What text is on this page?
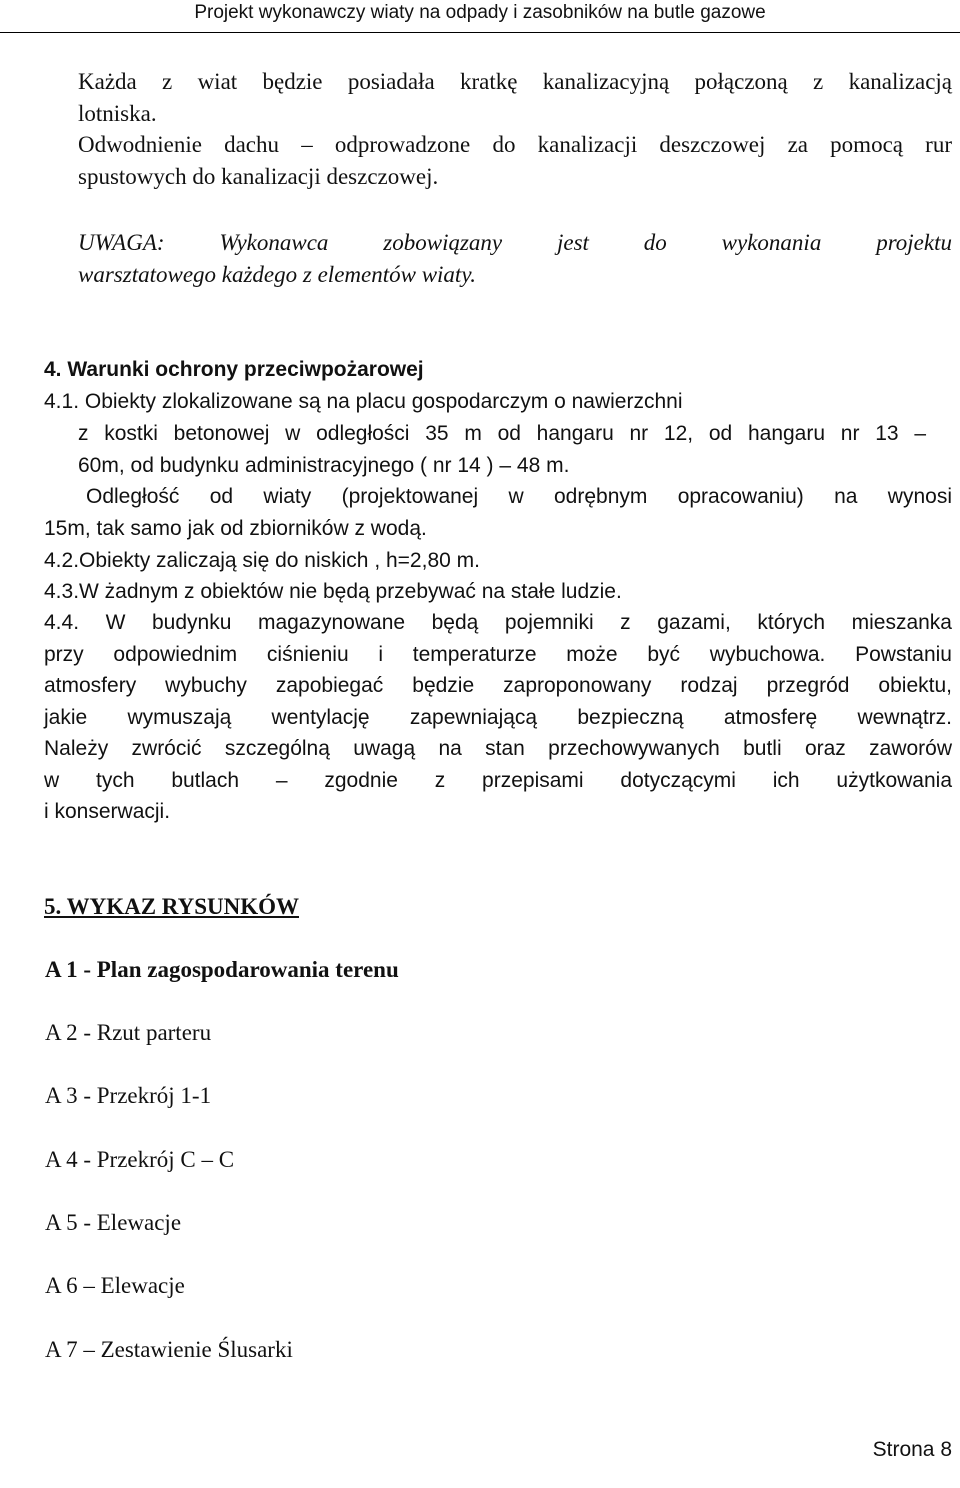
Projekt wykonawczy wiaty na odpady i zasobników na butle gazowe
Każda z wiat będzie posiadała kratkę kanalizacyjną połączoną z kanalizacją
lotniska.
Odwodnienie dachu – odprowadzone do kanalizacji deszczowej za pomocą rur
spustowych do kanalizacji deszczowej.
UWAGA: Wykonawca zobowiązany jest do wykonania projektu
warsztatowego każdego z elementów wiaty.
4. Warunki ochrony przeciwpożarowej
4.1. Obiekty zlokalizowane są na placu gospodarczym o nawierzchni
z kostki betonowej w odległości 35 m od hangaru nr 12, od hangaru nr 13 –
60m, od budynku administracyjnego ( nr 14 ) – 48 m.
Odległość od wiaty (projektowanej w odrębnym opracowaniu) na wynosi
15m, tak samo jak od zbiorników z wodą.
4.2.Obiekty zaliczają się do niskich , h=2,80 m.
4.3.W żadnym z obiektów nie będą przebywać na stałe ludzie.
4.4. W budynku magazynowane będą pojemniki z gazami, których mieszanka
przy odpowiednim ciśnieniu i temperaturze może być wybuchowa. Powstaniu
atmosfery wybuchy zapobiegać będzie zaproponowany rodzaj przegród obiektu,
jakie wymuszają wentylację zapewniającą bezpieczną atmosferę wewnątrz.
Należy zwrócić szczególną uwagą na stan przechowywanych butli oraz zaworów
w tych butlach – zgodnie z przepisami dotyczącymi ich użytkowania
i konserwacji.
5. WYKAZ RYSUNKÓW
A 1 - Plan zagospodarowania terenu
A 2 - Rzut parteru
A 3 - Przekrój 1-1
A 4 - Przekrój C – C
A 5 - Elewacje
A 6 – Elewacje
A 7 – Zestawienie Ślusarki
Strona 8
